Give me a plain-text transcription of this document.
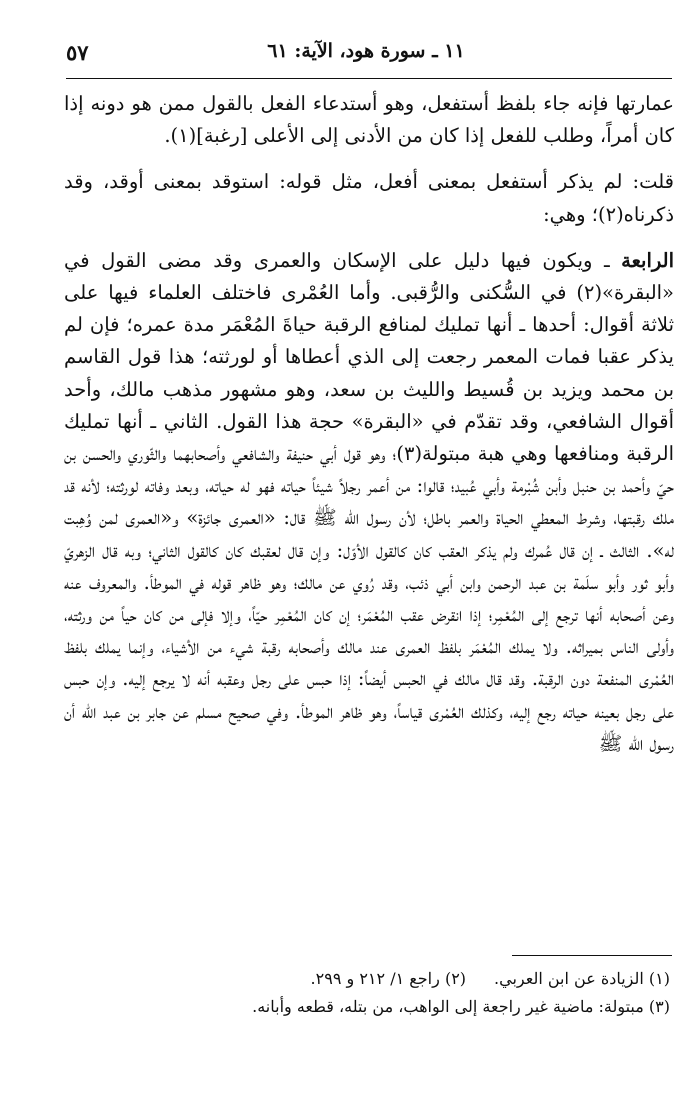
١١ ـ سورة هود، الآية: ٦١
٥٧

عمارتها فإنه جاء بلفظ أستفعل، وهو أستدعاء الفعل بالقول ممن هو دونه إذا كان أمراً، وطلب للفعل إذا كان من الأدنى إلى الأعلى [رغبة](١).

قلت: لم يذكر أستفعل بمعنى أفعل، مثل قوله: استوقد بمعنى أوقد، وقد ذكرناه(٢)؛ وهي:

الرابعة ـ ويكون فيها دليل على الإسكان والعمرى وقد مضى القول في «البقرة»(٢) في السُّكنى والرُّقبى. وأما العُمْرى فاختلف العلماء فيها على ثلاثة أقوال: أحدها ـ أنها تمليك لمنافع الرقبة حياةَ المُعْمَر مدة عمره؛ فإن لم يذكر عقبا فمات المعمر رجعت إلى الذي أعطاها أو لورثته؛ هذا قول القاسم بن محمد ويزيد بن قُسيط والليث بن سعد، وهو مشهور مذهب مالك، وأحد أقوال الشافعي، وقد تقدّم في «البقرة» حجة هذا القول. الثاني ـ أنها تمليك الرقبة ومنافعها وهي هبة مبتولة(٣)؛ وهو قول أبي حنيفة والشافعي وأصحابهما والثّوري والحسن بن حيّ وأحمد بن حنبل وأبن شُبْرمة وأبي عُبيد؛ قالوا: من أعمر رجلاً شيئاً حياته فهو له حياته، وبعد وفاته لورثته؛ لأنه قد ملك رقبتها، وشرط المعطي الحياة والعمر باطل؛ لأن رسول الله ﷺ قال: «العمرى جائزة» و«العمرى لمن وُهِبت له». الثالث ـ إن قال عُمرك ولم يذكر العقب كان كالقول الأوّل: وإن قال لعقبك كان كالقول الثاني؛ وبه قال الزهريّ وأبو ثور وأبو سلَمة بن عبد الرحمن وابن أبي ذئب، وقد رُوي عن مالك؛ وهو ظاهر قوله في الموطأ. والمعروف عنه وعن أصحابه أنها ترجع إلى المُعْمِر؛ إذا انقرض عقب المُعْمَر؛ إن كان المُعْمِر حيّاً، وإلا فإلى من كان حياً من ورثته، وأولى الناس بميراثه. ولا يملك المُعْمَر بلفظ العمرى عند مالك وأصحابه رقبة شيء من الأشياء، وإنما يملك بلفظ العُمْرى المنفعة دون الرقبة. وقد قال مالك في الحبس أيضاً: إذا حبس على رجل وعقبه أنه لا يرجع إليه. وإن حبس على رجل بعينه حياته رجع إليه، وكذلك العُمْرى قياساً، وهو ظاهر الموطأ. وفي صحيح مسلم عن جابر بن عبد الله أن رسول الله ﷺ

(١) الزيادة عن ابن العربي.(٢) راجع ١/ ٢١٢ و ٢٩٩.

(٣) مبتولة: ماضية غير راجعة إلى الواهب، من بتله، قطعه وأبانه.
